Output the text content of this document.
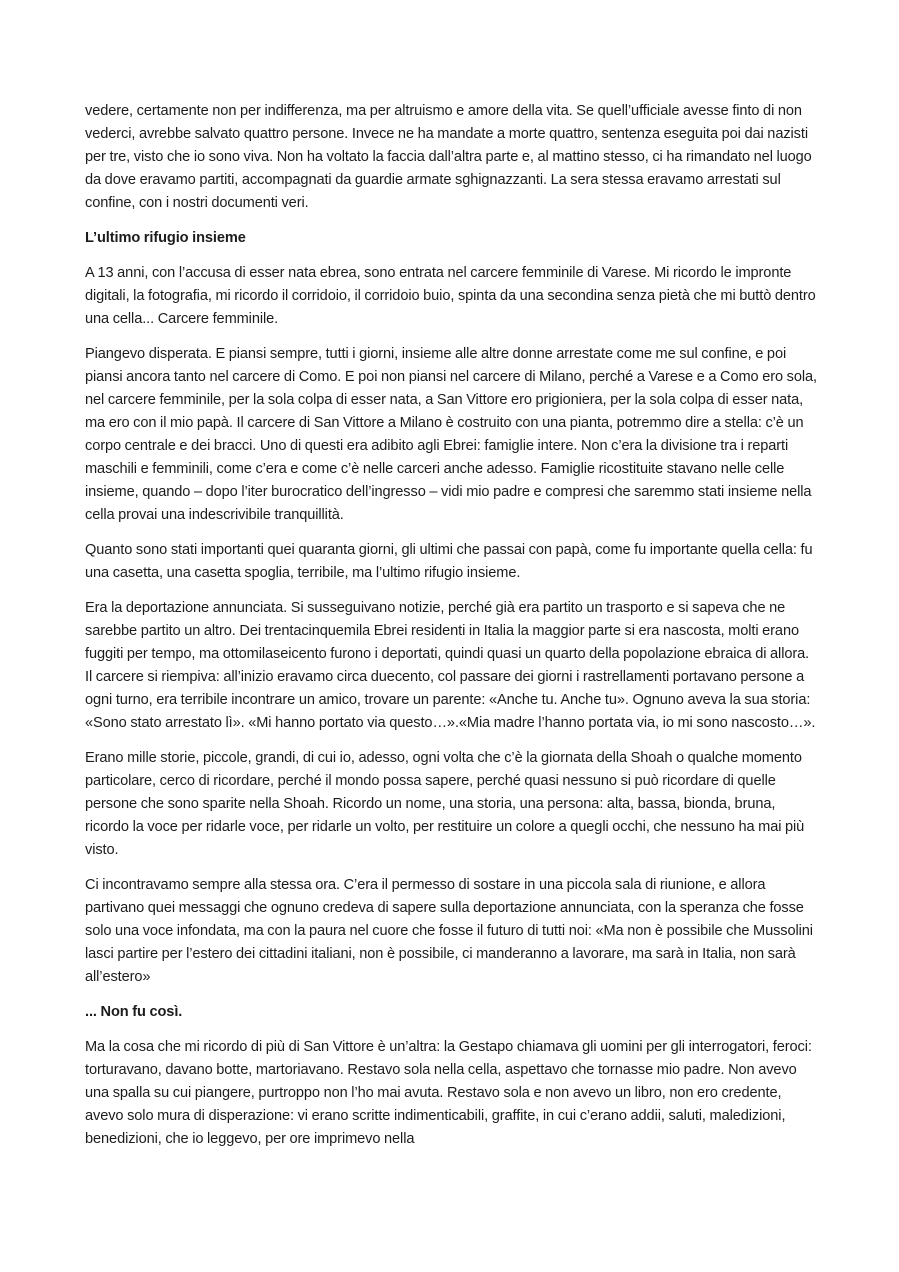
vedere, certamente non per indifferenza, ma per altruismo e amore della vita. Se quell’ufficiale avesse finto di non vederci, avrebbe salvato quattro persone. Invece ne ha mandate a morte quattro, sentenza eseguita poi dai nazisti per tre, visto che io sono viva. Non ha voltato la faccia dall’altra parte e, al mattino stesso, ci ha rimandato nel luogo da dove eravamo partiti, accompagnati da guardie armate sghignazzanti. La sera stessa eravamo arrestati sul confine, con i nostri documenti veri.

L’ultimo rifugio insieme

A 13 anni, con l’accusa di esser nata ebrea, sono entrata nel carcere femminile di Varese. Mi ricordo le impronte digitali, la fotografia, mi ricordo il corridoio, il corridoio buio, spinta da una secondina senza pietà che mi buttò dentro una cella... Carcere femminile.

Piangevo disperata. E piansi sempre, tutti i giorni, insieme alle altre donne arrestate come me sul confine, e poi piansi ancora tanto nel carcere di Como. E poi non piansi nel carcere di Milano, perché a Varese e a Como ero sola, nel carcere femminile, per la sola colpa di esser nata, a San Vittore ero prigioniera, per la sola colpa di esser nata, ma ero con il mio papà. Il carcere di San Vittore a Milano è costruito con una pianta, potremmo dire a stella: c’è un corpo centrale e dei bracci. Uno di questi era adibito agli Ebrei: famiglie intere. Non c’era la divisione tra i reparti maschili e femminili, come c’era e come c’è nelle carceri anche adesso. Famiglie ricostituite stavano nelle celle insieme, quando – dopo l’iter burocratico dell’ingresso – vidi mio padre e compresi che saremmo stati insieme nella cella provai una indescrivibile tranquillità.

Quanto sono stati importanti quei quaranta giorni, gli ultimi che passai con papà, come fu importante quella cella: fu una casetta, una casetta spoglia, terribile, ma l’ultimo rifugio insieme.

Era la deportazione annunciata. Si susseguivano notizie, perché già era partito un trasporto e si sapeva che ne sarebbe partito un altro. Dei trentacinquemila Ebrei residenti in Italia la maggior parte si era nascosta, molti erano fuggiti per tempo, ma ottomilaseicento furono i deportati, quindi quasi un quarto della popolazione ebraica di allora. Il carcere si riempiva: all’inizio eravamo circa duecento, col passare dei giorni i rastrellamenti portavano persone a ogni turno, era terribile incontrare un amico, trovare un parente: «Anche tu. Anche tu». Ognuno aveva la sua storia: «Sono stato arrestato lì». «Mi hanno portato via questo…».«Mia madre l’hanno portata via, io mi sono nascosto…».

Erano mille storie, piccole, grandi, di cui io, adesso, ogni volta che c’è la giornata della Shoah o qualche momento particolare, cerco di ricordare, perché il mondo possa sapere, perché quasi nessuno si può ricordare di quelle persone che sono sparite nella Shoah. Ricordo un nome, una storia, una persona: alta, bassa, bionda, bruna, ricordo la voce per ridarle voce, per ridarle un volto, per restituire un colore a quegli occhi, che nessuno ha mai più visto.

Ci incontravamo sempre alla stessa ora. C’era il permesso di sostare in una piccola sala di riunione, e allora partivano quei messaggi che ognuno credeva di sapere sulla deportazione annunciata, con la speranza che fosse solo una voce infondata, ma con la paura nel cuore che fosse il futuro di tutti noi: «Ma non è possibile che Mussolini lasci partire per l’estero dei cittadini italiani, non è possibile, ci manderanno a lavorare, ma sarà in Italia, non sarà all’estero»

... Non fu così.

Ma la cosa che mi ricordo di più di San Vittore è un’altra: la Gestapo chiamava gli uomini per gli interrogatori, feroci: torturavano, davano botte, martoriavano. Restavo sola nella cella, aspettavo che tornasse mio padre. Non avevo una spalla su cui piangere, purtroppo non l’ho mai avuta. Restavo sola e non avevo un libro, non ero credente, avevo solo mura di disperazione: vi erano scritte indimenticabili, graffite, in cui c’erano addii, saluti, maledizioni, benedizioni, che io leggevo, per ore imprimevo nella
